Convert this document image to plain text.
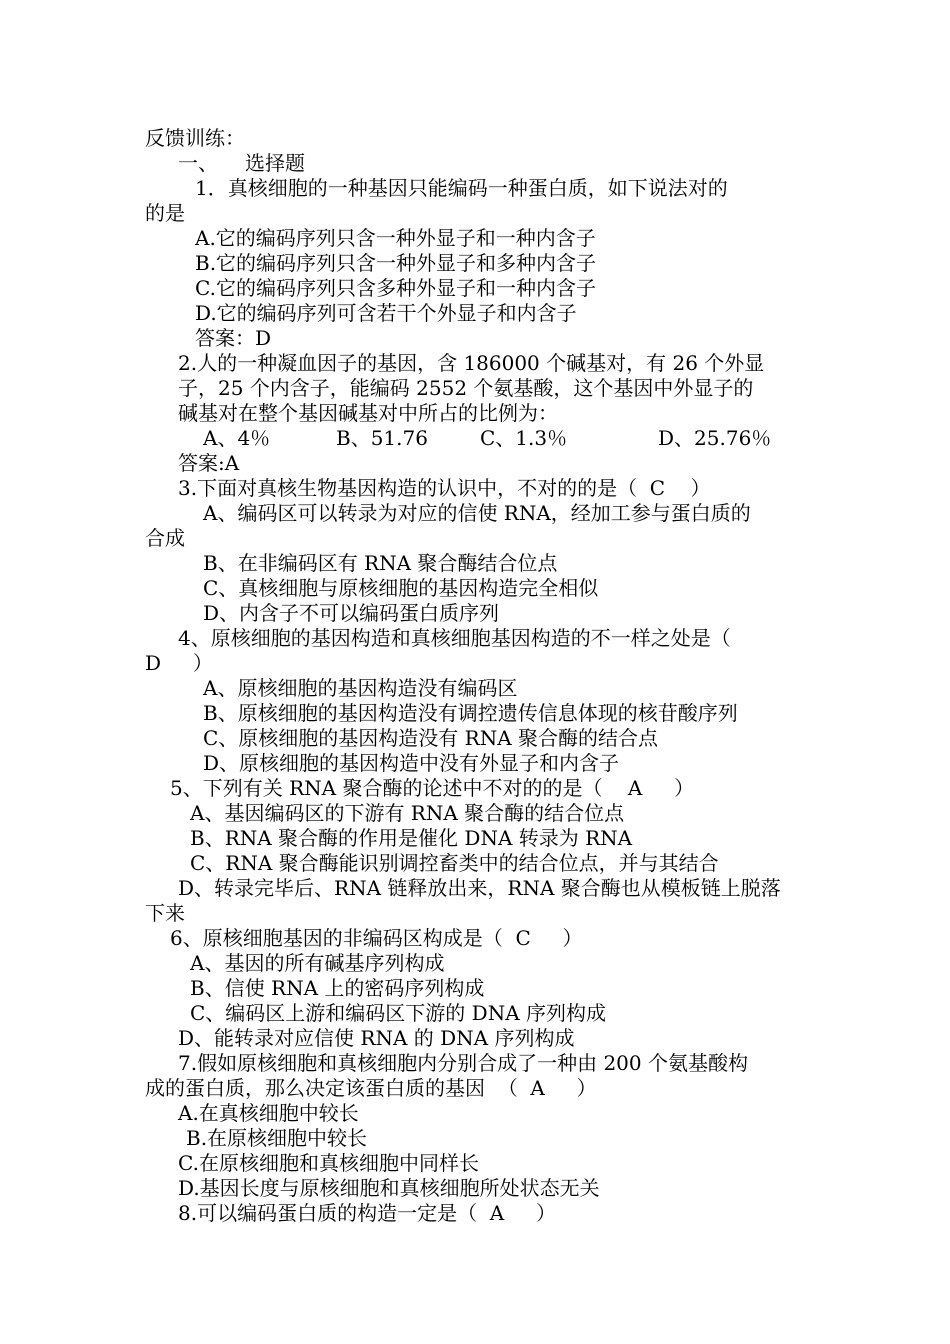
反馈训练：
一、 选择题
1．真核细胞的一种基因只能编码一种蛋白质，如下说法对的
的是
A.它的编码序列只含一种外显子和一种内含子
B.它的编码序列只含一种外显子和多种内含子
C.它的编码序列只含多种外显子和一种内含子
D.它的编码序列可含若干个外显子和内含子
答案：D
2.人的一种凝血因子的基因，含 186000 个碱基对，有 26 个外显
子，25 个内含子，能编码 2552 个氨基酸，这个基因中外显子的
碱基对在整个基因碱基对中所占的比例为：

A、4％

	B、51.76

	C、1.3％

	D、25.76％

答案:A
3.下面对真核生物基因构造的认识中，不对的的是（  C    ）
A、编码区可以转录为对应的信使 RNA，经加工参与蛋白质的
合成
B、在非编码区有 RNA 聚合酶结合位点
C、真核细胞与原核细胞的基因构造完全相似
D、内含子不可以编码蛋白质序列
4、原核细胞的基因构造和真核细胞基因构造的不一样之处是（
D     ）
A、原核细胞的基因构造没有编码区
B、原核细胞的基因构造没有调控遗传信息体现的核苷酸序列
C、原核细胞的基因构造没有 RNA 聚合酶的结合点
D、原核细胞的基因构造中没有外显子和内含子
5、下列有关 RNA 聚合酶的论述中不对的的是（    A     ）
A、基因编码区的下游有 RNA 聚合酶的结合位点
B、RNA 聚合酶的作用是催化 DNA 转录为 RNA
C、RNA 聚合酶能识别调控畜类中的结合位点，并与其结合
D、转录完毕后、RNA 链释放出来，RNA 聚合酶也从模板链上脱落
下来
6、原核细胞基因的非编码区构成是（  C     ）
A、基因的所有碱基序列构成
B、信使 RNA 上的密码序列构成
C、编码区上游和编码区下游的 DNA 序列构成
D、能转录对应信使 RNA 的 DNA 序列构成
7.假如原核细胞和真核细胞内分别合成了一种由 200 个氨基酸构
成的蛋白质，那么决定该蛋白质的基因  （  A     ）
A.在真核细胞中较长
B.在原核细胞中较长
C.在原核细胞和真核细胞中同样长
D.基因长度与原核细胞和真核细胞所处状态无关
8.可以编码蛋白质的构造一定是（  A     ）
